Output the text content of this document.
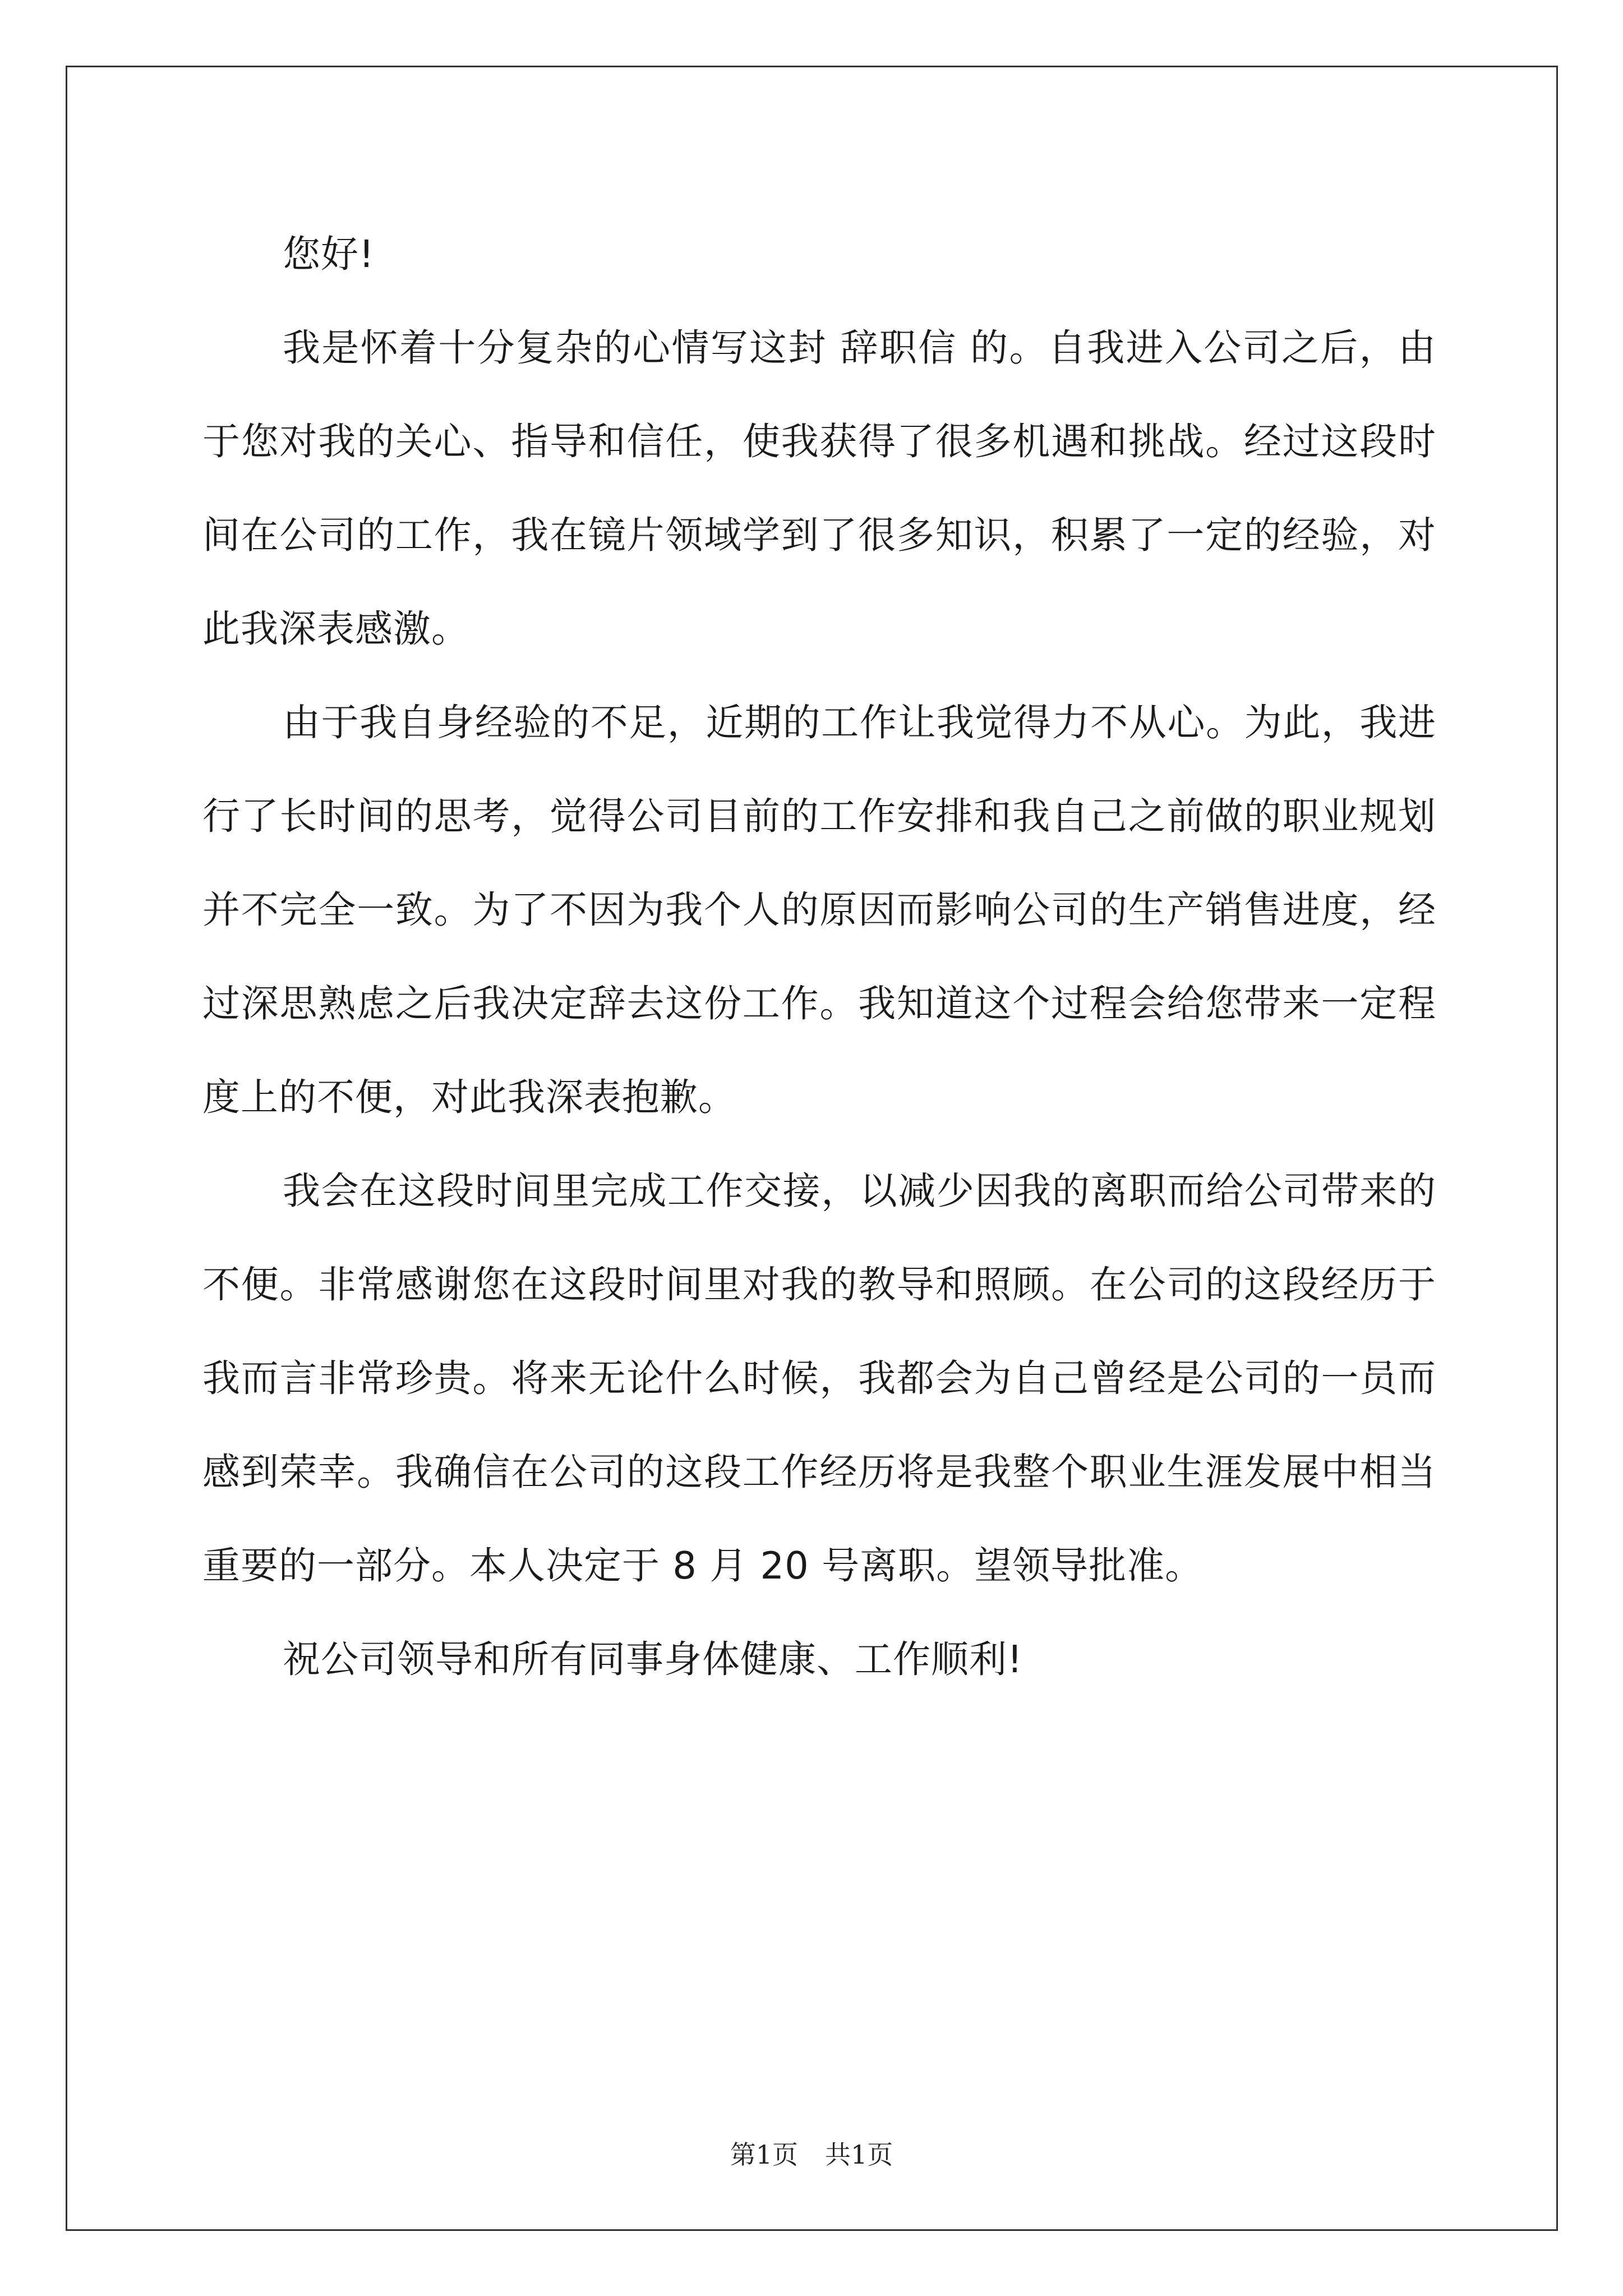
您好!

我是怀着十分复杂的心情写这封 辞职信 的。自我进入公司之后，由于您对我的关心、指导和信任，使我获得了很多机遇和挑战。经过这段时间在公司的工作，我在镜片领域学到了很多知识，积累了一定的经验，对此我深表感激。

由于我自身经验的不足，近期的工作让我觉得力不从心。为此，我进行了长时间的思考，觉得公司目前的工作安排和我自己之前做的职业规划 并不完全一致。为了不因为我个人的原因而影响公司的生产销售进度，经过深思熟虑之后我决定辞去这份工作。我知道这个过程会给您带来一定程度上的不便，对此我深表抱歉。

我会在这段时间里完成工作交接，以减少因我的离职而给公司带来的不便。非常感谢您在这段时间里对我的教导和照顾。在公司的这段经历于我而言非常珍贵。将来无论什么时候，我都会为自己曾经是公司的一员而感到荣幸。我确信在公司的这段工作经历将是我整个职业生涯发展中相当重要的一部分。本人决定于 8 月 20 号离职。望领导批准。

祝公司领导和所有同事身体健康、工作顺利!

第1页 共1页
